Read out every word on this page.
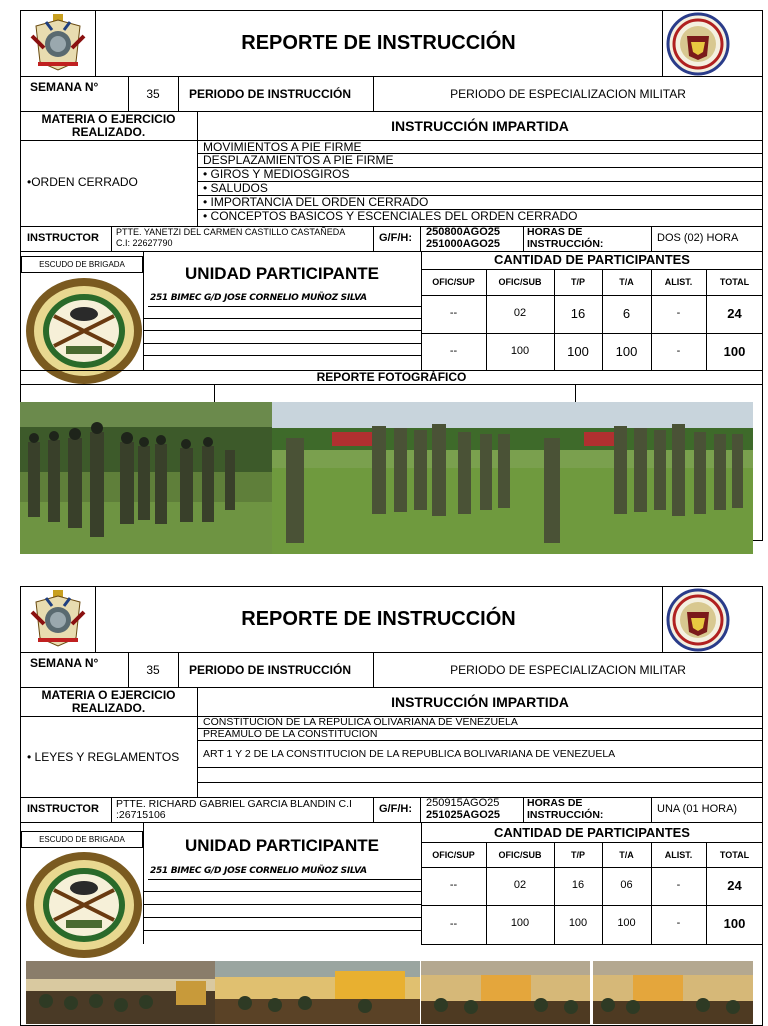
REPORTE DE INSTRUCCIÓN
SEMANA N°	35	PERIODO DE INSTRUCCIÓN	PERIODO DE ESPECIALIZACION MILITAR
MATERIA O EJERCICIO
REALIZADO.	INSTRUCCIÓN IMPARTIDA
•ORDEN CERRADO
MOVIMIENTOS A PIE FIRME
DESPLAZAMIENTOS A PIE FIRME
• GIROS Y MEDIOSGIROS
• SALUDOS
• IMPORTANCIA DEL ORDEN CERRADO
• CONCEPTOS BASICOS Y ESCENCIALES DEL ORDEN CERRADO
INSTRUCTOR PTTE. YANETZI DEL CARMEN CASTILLO CASTAÑEDA
C.I: 22627790	G/F/H: 250800AGO25
251000AGO25
HORAS DE
INSTRUCCIÓN:	DOS (02) HORA
ESCUDO DE BRIGADA	UNIDAD PARTICIPANTE
251 BIMEC G/D JOSE CORNELIO MUÑOZ SILVA
CANTIDAD DE PARTICIPANTES
OFIC/SUP	OFIC/SUB	T/P	T/A	ALIST.	TOTAL
--	02	16	6	-	24
--	100	100	100	-	100
REPORTE FOTOGRÁFICO
REPORTE DE INSTRUCCIÓN
SEMANA N°	35	PERIODO DE INSTRUCCIÓN	PERIODO DE ESPECIALIZACION MILITAR
MATERIA O EJERCICIO
REALIZADO.	INSTRUCCIÓN IMPARTIDA
• LEYES Y REGLAMENTOS
CONSTITUCION DE LA REPULICA OLIVARIANA DE VENEZUELA
PREAMULO DE LA CONSTITUCION
ART 1 Y 2 DE LA CONSTITUCION DE LA REPUBLICA BOLIVARIANA DE VENEZUELA
INSTRUCTOR PTTE. RICHARD GABRIEL GARCIA BLANDIN C.I
:26715106	G/F/H: 250915AGO25
251025AGO25
HORAS DE
INSTRUCCIÓN:	UNA (01 HORA)
ESCUDO DE BRIGADA	UNIDAD PARTICIPANTE
251 BIMEC G/D JOSE CORNELIO MUÑOZ SILVA
CANTIDAD DE PARTICIPANTES
OFIC/SUP	OFIC/SUB	T/P	T/A	ALIST.	TOTAL
--	02	16	06	-	24
--	100	100	100	-	100
